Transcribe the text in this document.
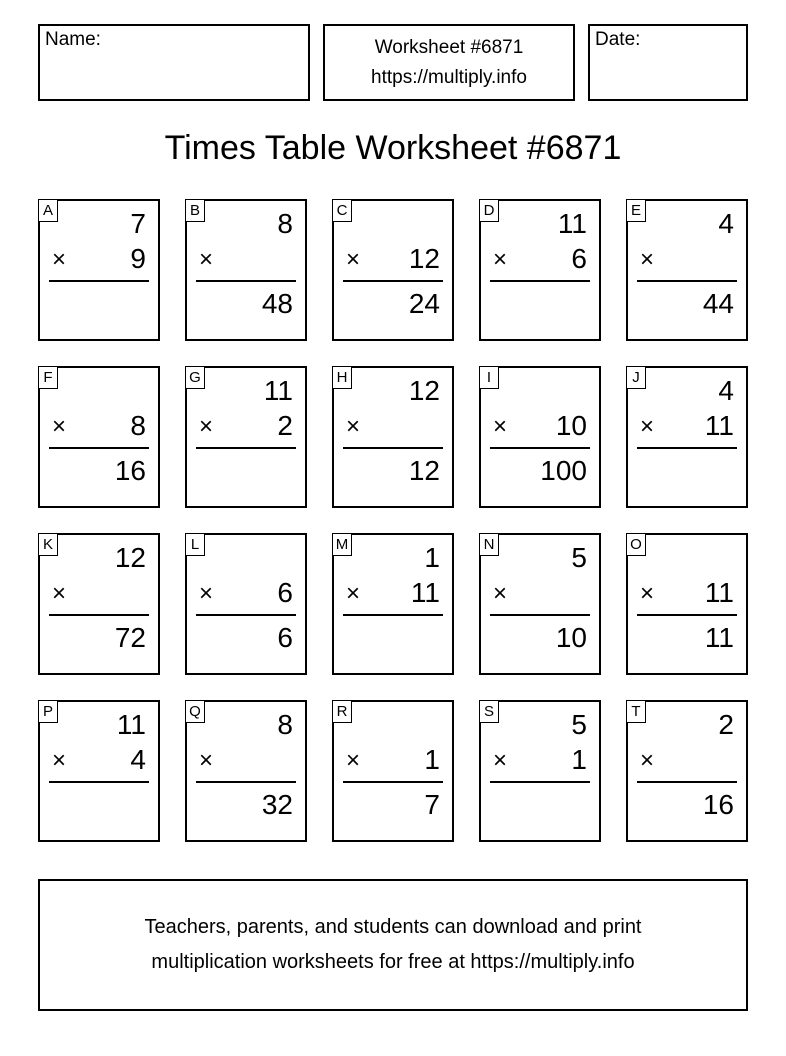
Name:	Worksheet #6871
https://multiply.info
Date:
Times Table Worksheet #6871
A	7
× 9
B	8
×
48
C
× 12
24
D 11
× 6
E	4
×
44
F
× 8
16
G 11
× 2
H 12
×
12
I
× 10
100
J	4
× 11
K 12
×
72
L
× 6
6
M	1
× 11
N	5
×
10
O
× 11
11
P 11
× 4
Q	8
×
32
R
× 1
7
S	5
× 1
T	2
×
16
Teachers, parents, and students can download and print
multiplication worksheets for free at https://multiply.info
